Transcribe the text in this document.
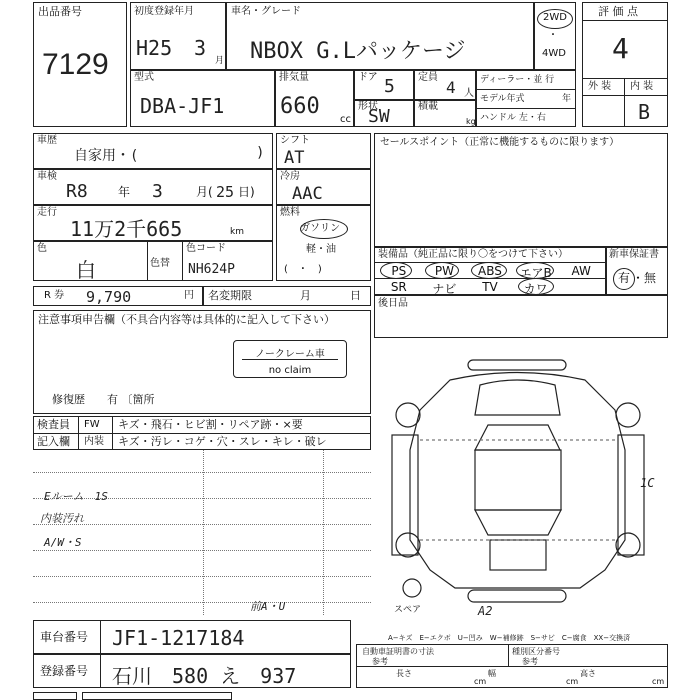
出品番号
7129
初度登録年月
H25 3
月
車名・グレード
NBOX G.Lパッケージ
2WD
・
4WD
評 価 点
4
外 装 内 装
B
型式
DBA-JF1
排気量
660
cc
ドア 5 定員
4 人
形状
SW	積載
kg
ディーラー・並 行
モデル年式	年
ハンドル 左・右
車歴
自家用・(	)
車検
R8	年 3	月( 25 日)
走行
11万2千665	km
色
白	色替
色コード
NH624P
シフト
AT
冷房
AAC
燃料
ガソリン
軽・油
(　・　)
セールスポイント（正常に機能するものに限ります）
装備品（純正品に限り〇をつけて下さい）
PS	PW	ABS	エアB	AW
SR	ナビ	TV	カワ
新車保証書
有 ・無
R 券 9,790	円 名変期限	月	日
後日品
注意事項申告欄（不具合内容等は具体的に記入して下さい）
ノークレーム車
no claim
修復歴　　有 〔箇所
検査員
記入欄
FW キズ・飛石・ヒビ割・リペア跡・×要
内装 キズ・汚レ・コゲ・穴・スレ・キレ・破レ
Eルーム　1S
内装汚れ
A/W・S
前A・U
車台番号 JF1-1217184
登録番号 石川　580 え　937
A−キズ　E−エクボ　U−凹み　W−補修跡　S−サビ　C−腐食　XX−交換済
自動車証明書の寸法
参考
種別区分番号
参考
長さ
cm
幅
cm
高さ
cm
スペア	A2
1C
